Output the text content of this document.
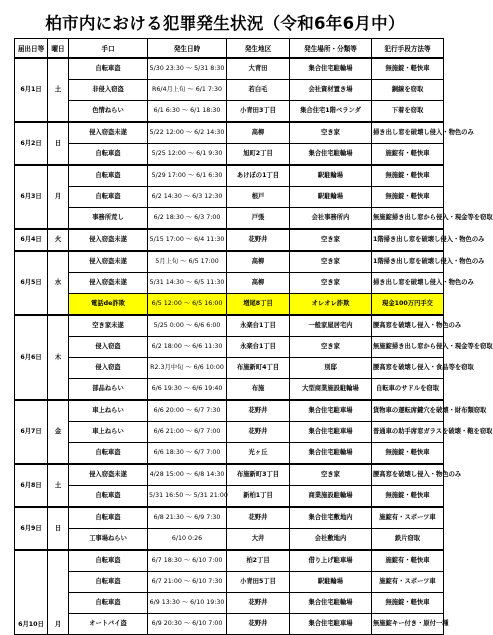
柏市内における犯罪発生状況（令和6年6月中）
届出日等	曜日	手口	発生日時	発生地区	発生場所・分類等	犯行手段方法等
6月1日	土	自転車盗	5/30 23:30 ～ 5/31 8:30	大青田	集合住宅駐輪場	無施錠・軽快車
		非侵入窃盗	R6/4月上旬 ～ 6/1 7:30	若白毛	会社資材置き場	銅線を窃取
		色情ねらい	6/1 6:30 ～ 6/1 18:30	小青田3丁目	集合住宅1階ベランダ	下着を窃取
6月2日	日	侵入窃盗未遂	5/22 12:00 ～ 6/2 14:30	高柳	空き家	掃き出し窓を破壊し侵入・物色のみ
		自転車盗	5/25 12:00 ～ 6/1 9:30	旭町2丁目	集合住宅駐輪場	施錠有・軽快車
6月3日	月	自転車盗	5/29 17:00 ～ 6/1 6:30	あけぼの1丁目	駅駐輪場	無施錠・軽快車
		自転車盗	6/2 14:30 ～ 6/3 12:30	根戸	駅駐輪場	無施錠・軽快車
		事務所荒し	6/2 18:30 ～ 6/3 7:00	戸張	会社事務所内	無施錠掃き出し窓から侵入・現金等を窃取
6月4日	火	侵入窃盗未遂	5/15 17:00 ～ 6/4 11:30	花野井	空き家	1階掃き出し窓を破壊し侵入・物色のみ
6月5日	水	侵入窃盗未遂	5月上旬 ～ 6/5 17:00	高柳	空き家	1階掃き出し窓を破壊し侵入・物色のみ
		侵入窃盗未遂	5/31 14:30 ～ 6/5 11:30	高柳	空き家	掃き出し窓を破壊し侵入・物色のみ
		電話de詐欺	6/5 12:00 ～ 6/5 16:00	増尾8丁目	オレオレ詐欺	現金100万円手交
6月6日	木	空き家未遂	5/25 0:00 ～ 6/6 6:00	永楽台1丁目	一般家屋居宅内	腰高窓を破壊し侵入・物色のみ
		侵入窃盗	6/2 18:00 ～ 6/6 11:30	永楽台1丁目	空き家	無施錠掃き出し窓から侵入・現金等を窃取
		侵入窃盗	R2.3月中旬 ～ 6/6 10:00	布施新町4丁目	別邸	腰高窓を破壊し侵入・食品等を窃取
		部品ねらい	6/6 19:30 ～ 6/6 19:40	布施	大型商業施設駐輪場	自転車のサドルを窃取
6月7日	金	車上ねらい	6/6 20:00 ～ 6/7 7:30	花野井	集合住宅駐車場	貨物車の運転席鍵穴を破壊・財布類窃取
		車上ねらい	6/6 21:00 ～ 6/7 7:00	花野井	集合住宅駐車場	普通車の助手席窓ガラスを破壊・鞄を窃取
		自転車盗	6/6 18:30 ～ 6/7 7:00	光ヶ丘	集合住宅駐輪場	無施錠・軽快車
6月8日	土	侵入窃盗未遂	4/28 15:00 ～ 6/8 14:30	布施新町3丁目	空き家	腰高窓を破壊し侵入・物色のみ
		自転車盗	5/31 16:50 ～ 5/31 21:00	新柏1丁目	商業施設駐輪場	無施錠・軽快車
6月9日	日	自転車盗	6/8 21:30 ～ 6/9 7:30	花野井	集合住宅敷地内	施錠有・スポーツ車
		工事場ねらい	6/10 0:26	大井	会社敷地内	鉄片窃取
6月10日	月	自転車盗	6/7 18:30 ～ 6/10 7:00	柏2丁目	借り上げ駐車場	施錠有・軽快車
		自転車盗	6/7 21:00 ～ 6/10 7:30	小青田5丁目	駅駐輪場	施錠有・スポーツ車
		自転車盗	6/9 13:30 ～ 6/10 19:30	花野井	集合住宅駐輪場	無施錠・軽快車
		オートバイ盗	6/9 20:30 ～ 6/10 7:00	花野井	集合住宅駐車場	無施錠キー付き・原付一種
